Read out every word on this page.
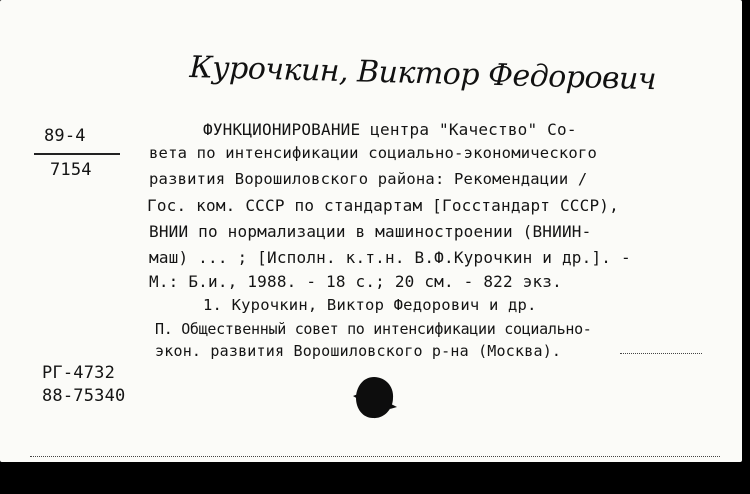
Курочкин, Виктор Федорович
89-4
7154
ФУНКЦИОНИРОВАНИЕ центра "Качество" Со-
вета по интенсификации социально-экономического
развития Ворошиловского района: Рекомендации /
Гос. ком. СССР по стандартам [Госстандарт СССР),
ВНИИ по нормализации в машиностроении (ВНИИН-
маш) ... ; [Исполн. к.т.н. В.Ф.Курочкин и др.]. -
М.: Б.и., 1988. - 18 с.; 20 см. - 822 экз.
1. Курочкин, Виктор Федорович и др.
П. Общественный совет по интенсификации социально-
экон. развития Ворошиловского р-на (Москва).
РГ-4732
88-75340
